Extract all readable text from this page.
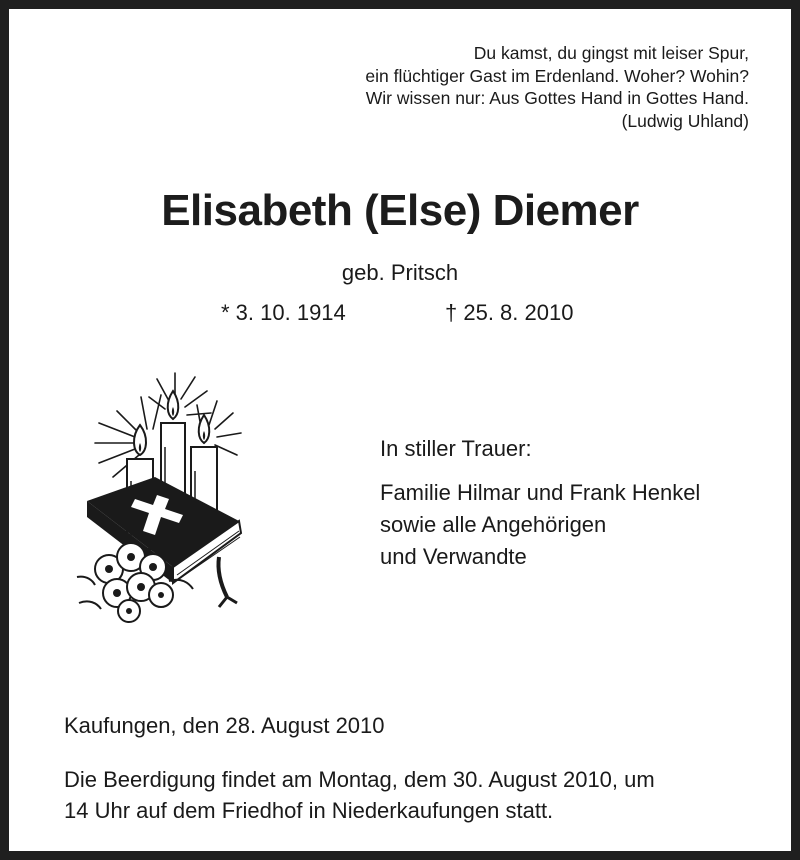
Du kamst, du gingst mit leiser Spur,
ein flüchtiger Gast im Erdenland. Woher? Wohin?
Wir wissen nur: Aus Gottes Hand in Gottes Hand.
(Ludwig Uhland)
Elisabeth (Else) Diemer
geb. Pritsch
* 3. 10. 1914	† 25. 8. 2010
In stiller Trauer:
Familie Hilmar und Frank Henkel
sowie alle Angehörigen
und Verwandte
Kaufungen, den 28. August 2010
Die Beerdigung findet am Montag, dem 30. August 2010, um
14 Uhr auf dem Friedhof in Niederkaufungen statt.
